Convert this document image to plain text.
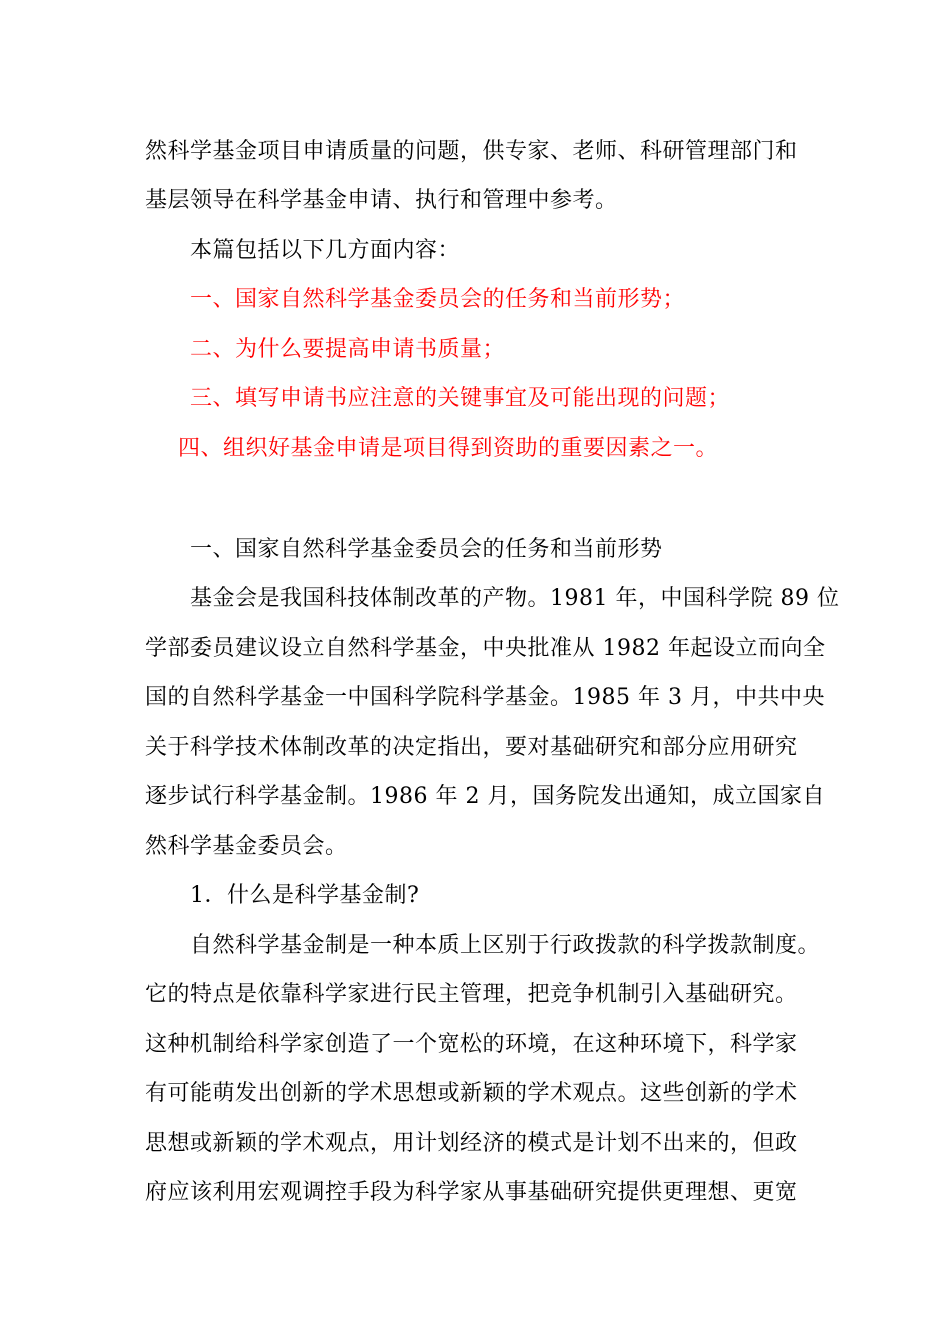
然科学基金项目申请质量的问题，供专家、老师、科研管理部门和
基层领导在科学基金申请、执行和管理中参考。
本篇包括以下几方面内容：
一、国家自然科学基金委员会的任务和当前形势；
二、为什么要提高申请书质量；
三、填写申请书应注意的关键事宜及可能出现的问题；
四、组织好基金申请是项目得到资助的重要因素之一。
一、国家自然科学基金委员会的任务和当前形势
基金会是我国科技体制改革的产物。1981 年，中国科学院 89 位
学部委员建议设立自然科学基金，中央批准从 1982 年起设立而向全
国的自然科学基金一中国科学院科学基金。1985 年 3 月，中共中央
关于科学技术体制改革的决定指出，要对基础研究和部分应用研究
逐步试行科学基金制。1986 年 2 月，国务院发出通知，成立国家自
然科学基金委员会。
1．什么是科学基金制?
自然科学基金制是一种本质上区别于行政拨款的科学拨款制度。
它的特点是依靠科学家进行民主管理，把竞争机制引入基础研究。
这种机制给科学家创造了一个宽松的环境，在这种环境下，科学家
有可能萌发出创新的学术思想或新颖的学术观点。这些创新的学术
思想或新颖的学术观点，用计划经济的模式是计划不出来的，但政
府应该利用宏观调控手段为科学家从事基础研究提供更理想、更宽
